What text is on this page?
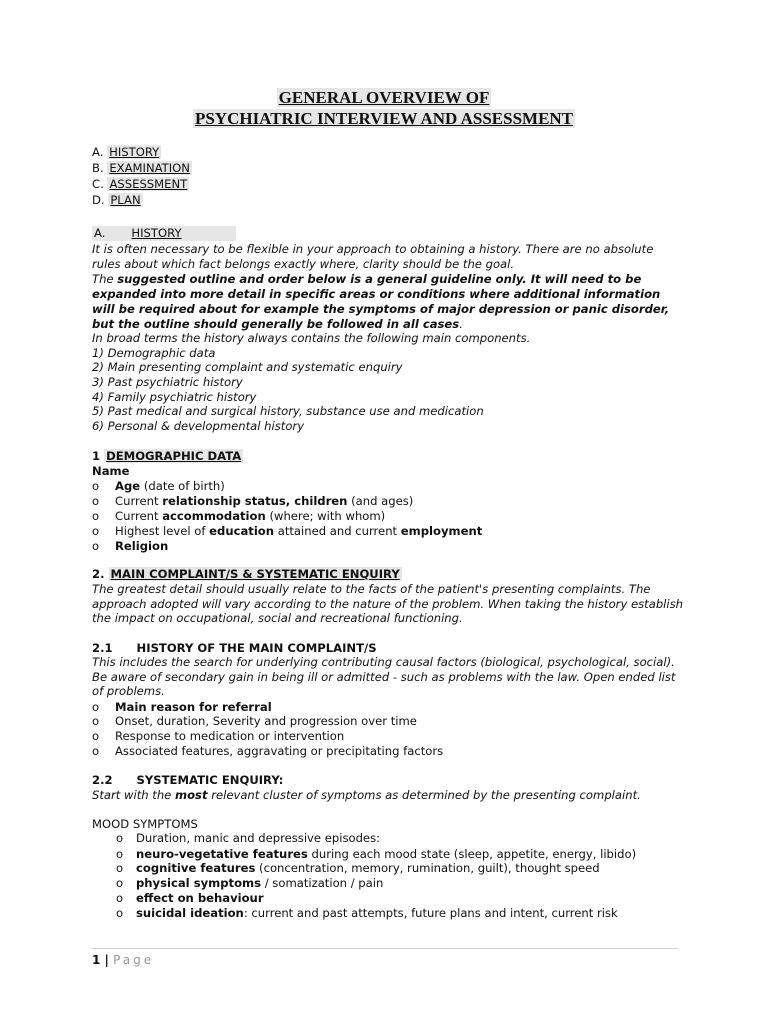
GENERAL OVERVIEW OF
PSYCHIATRIC INTERVIEW AND ASSESSMENT
A. HISTORY
B. EXAMINATION
C. ASSESSMENT
D. PLAN
A. HISTORY
It is often necessary to be flexible in your approach to obtaining a history. There are no absolute
rules about which fact belongs exactly where, clarity should be the goal.
The suggested outline and order below is a general guideline only. It will need to be
expanded into more detail in specific areas or conditions where additional information
will be required about for example the symptoms of major depression or panic disorder,
but the outline should generally be followed in all cases.
In broad terms the history always contains the following main components.
1) Demographic data
2) Main presenting complaint and systematic enquiry
3) Past psychiatric history
4) Family psychiatric history
5) Past medical and surgical history, substance use and medication
6) Personal & developmental history
1 DEMOGRAPHIC DATA
Name
o Age (date of birth)
o Current relationship status, children (and ages)
o Current accommodation (where; with whom)
o Highest level of education attained and current employment
o Religion
2. MAIN COMPLAINT/S & SYSTEMATIC ENQUIRY
The greatest detail should usually relate to the facts of the patient's presenting complaints. The
approach adopted will vary according to the nature of the problem. When taking the history establish
the impact on occupational, social and recreational functioning.
2.1 HISTORY OF THE MAIN COMPLAINT/S
This includes the search for underlying contributing causal factors (biological, psychological, social).
Be aware of secondary gain in being ill or admitted - such as problems with the law. Open ended list
of problems.
o Main reason for referral
o Onset, duration, Severity and progression over time
o Response to medication or intervention
o Associated features, aggravating or precipitating factors
2.2 SYSTEMATIC ENQUIRY:
Start with the most relevant cluster of symptoms as determined by the presenting complaint.
MOOD SYMPTOMS
o Duration, manic and depressive episodes:
o neuro-vegetative features during each mood state (sleep, appetite, energy, libido)
o cognitive features (concentration, memory, rumination, guilt), thought speed
o physical symptoms / somatization / pain
o effect on behaviour
o suicidal ideation: current and past attempts, future plans and intent, current risk
1 | Page
